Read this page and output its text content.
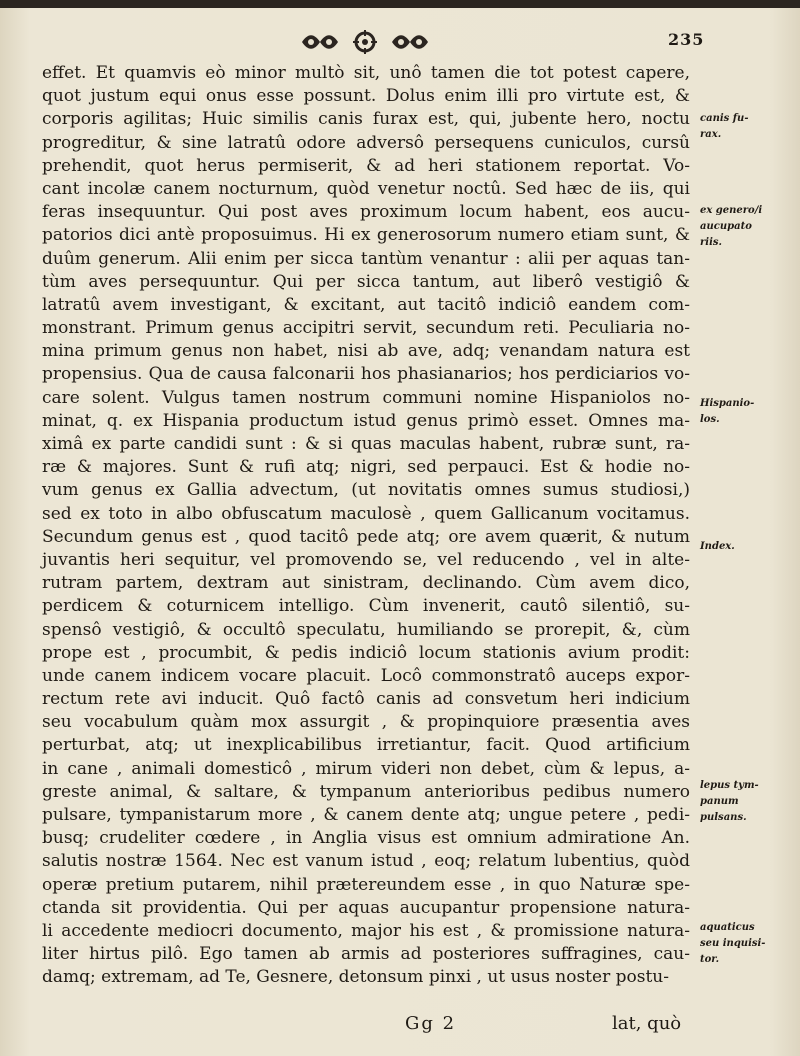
235
effet. Et quamvis eò minor multò sit, unô tamen die tot potest capere,
quot justum equi onus esse possunt. Dolus enim illi pro virtute est, &
corporis agilitas; Huic similis canis furax est, qui, jubente hero, noctu
progreditur, & sine latratû odore adversô persequens cuniculos, cursû
prehendit, quot herus permiserit, & ad heri stationem reportat. Vo-
cant incolæ canem nocturnum, quòd venetur noctû. Sed hæc de iis, qui
feras insequuntur. Qui post aves proximum locum habent, eos aucu-
patorios dici antè proposuimus. Hi ex generosorum numero etiam sunt, &
duûm generum. Alii enim per sicca tantùm venantur : alii per aquas tan-
tùm aves persequuntur. Qui per sicca tantum, aut liberô vestigiô &
latratû avem investigant, & excitant, aut tacitô indiciô eandem com-
monstrant. Primum genus accipitri servit, secundum reti. Peculiaria no-
mina primum genus non habet, nisi ab ave, adq; venandam natura est
propensius. Qua de causa falconarii hos phasianarios; hos perdiciarios vo-
care solent. Vulgus tamen nostrum communi nomine Hispaniolos no-
minat, q. ex Hispania productum istud genus primò esset. Omnes ma-
ximâ ex parte candidi sunt : & si quas maculas habent, rubræ sunt, ra-
ræ & majores. Sunt & rufi atq; nigri, sed perpauci. Est & hodie no-
vum genus ex Gallia advectum, (ut novitatis omnes sumus studiosi,)
sed ex toto in albo obfuscatum maculosè , quem Gallicanum vocitamus.
Secundum genus est , quod tacitô pede atq; ore avem quærit, & nutum
juvantis heri sequitur, vel promovendo se, vel reducendo , vel in alte-
rutram partem, dextram aut sinistram, declinando. Cùm avem dico,
perdicem & coturnicem intelligo. Cùm invenerit, cautô silentiô, su-
spensô vestigiô, & occultô speculatu, humiliando se prorepit, &, cùm
prope est , procumbit, & pedis indiciô locum stationis avium prodit:
unde canem indicem vocare placuit. Locô commonstratô auceps expor-
rectum rete avi inducit. Quô factô canis ad consvetum heri indicium
seu vocabulum quàm mox assurgit , & propinquiore præsentia aves
perturbat, atq; ut inexplicabilibus irretiantur, facit. Quod artificium
in cane , animali domesticô , mirum videri non debet, cùm & lepus, a-
greste animal, & saltare, & tympanum anterioribus pedibus numero
pulsare, tympanistarum more , & canem dente atq; ungue petere , pedi-
busq; crudeliter cœdere , in Anglia visus est omnium admiratione An.
salutis nostræ 1564. Nec est vanum istud , eoq; relatum lubentius, quòd
operæ pretium putarem, nihil prætereundem esse , in quo Naturæ spe-
ctanda sit providentia. Qui per aquas aucupantur propensione natura-
li accedente mediocri documento, major his est , & promissione natura-
liter hirtus pilô. Ego tamen ab armis ad posteriores suffragines, cau-
damq; extremam, ad Te, Gesnere, detonsum pinxi , ut usus noster postu-
canis fu-
rax.
ex genero/i
aucupato
riis.
Hispanio-
los.
Index.
lepus tym-
panum
pulsans.
aquaticus
seu inquisi-
tor.
Gg 2	lat, quò
